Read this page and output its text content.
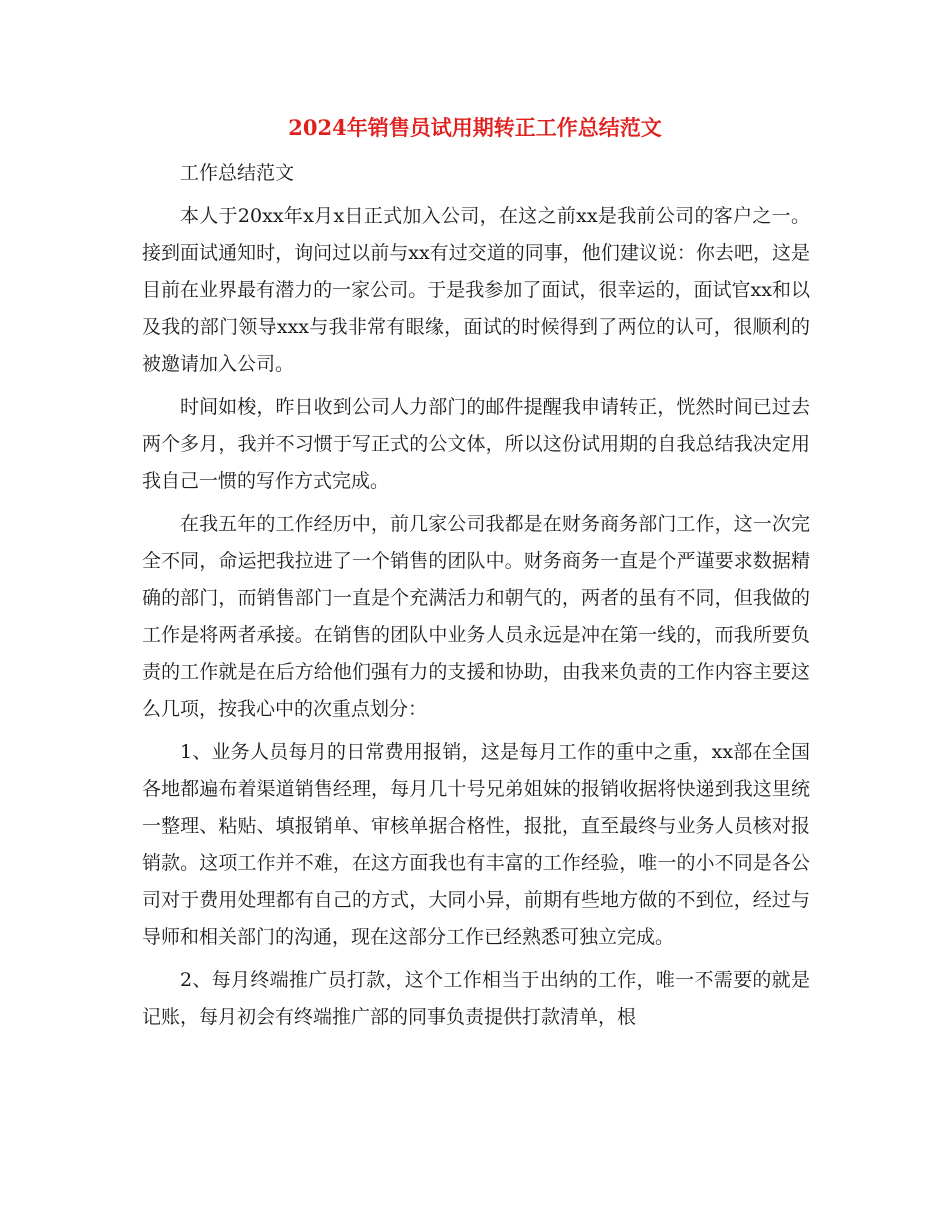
2024年销售员试用期转正工作总结范文

工作总结范文

本人于20xx年x月x日正式加入公司，在这之前xx是我前公司的客户之一。接到面试通知时，询问过以前与xx有过交道的同事，他们建议说：你去吧，这是目前在业界最有潜力的一家公司。于是我参加了面试，很幸运的，面试官xx和以及我的部门领导xxx与我非常有眼缘，面试的时候得到了两位的认可，很顺利的被邀请加入公司。

时间如梭，昨日收到公司人力部门的邮件提醒我申请转正，恍然时间已过去两个多月，我并不习惯于写正式的公文体，所以这份试用期的自我总结我决定用我自己一惯的写作方式完成。

在我五年的工作经历中，前几家公司我都是在财务商务部门工作，这一次完全不同，命运把我拉进了一个销售的团队中。财务商务一直是个严谨要求数据精确的部门，而销售部门一直是个充满活力和朝气的，两者的虽有不同，但我做的工作是将两者承接。在销售的团队中业务人员永远是冲在第一线的，而我所要负责的工作就是在后方给他们强有力的支援和协助，由我来负责的工作内容主要这么几项，按我心中的次重点划分：

1、业务人员每月的日常费用报销，这是每月工作的重中之重，xx部在全国各地都遍布着渠道销售经理，每月几十号兄弟姐妹的报销收据将快递到我这里统一整理、粘贴、填报销单、审核单据合格性，报批，直至最终与业务人员核对报销款。这项工作并不难，在这方面我也有丰富的工作经验，唯一的小不同是各公司对于费用处理都有自己的方式，大同小异，前期有些地方做的不到位，经过与导师和相关部门的沟通，现在这部分工作已经熟悉可独立完成。

2、每月终端推广员打款，这个工作相当于出纳的工作，唯一不需要的就是记账，每月初会有终端推广部的同事负责提供打款清单，根
